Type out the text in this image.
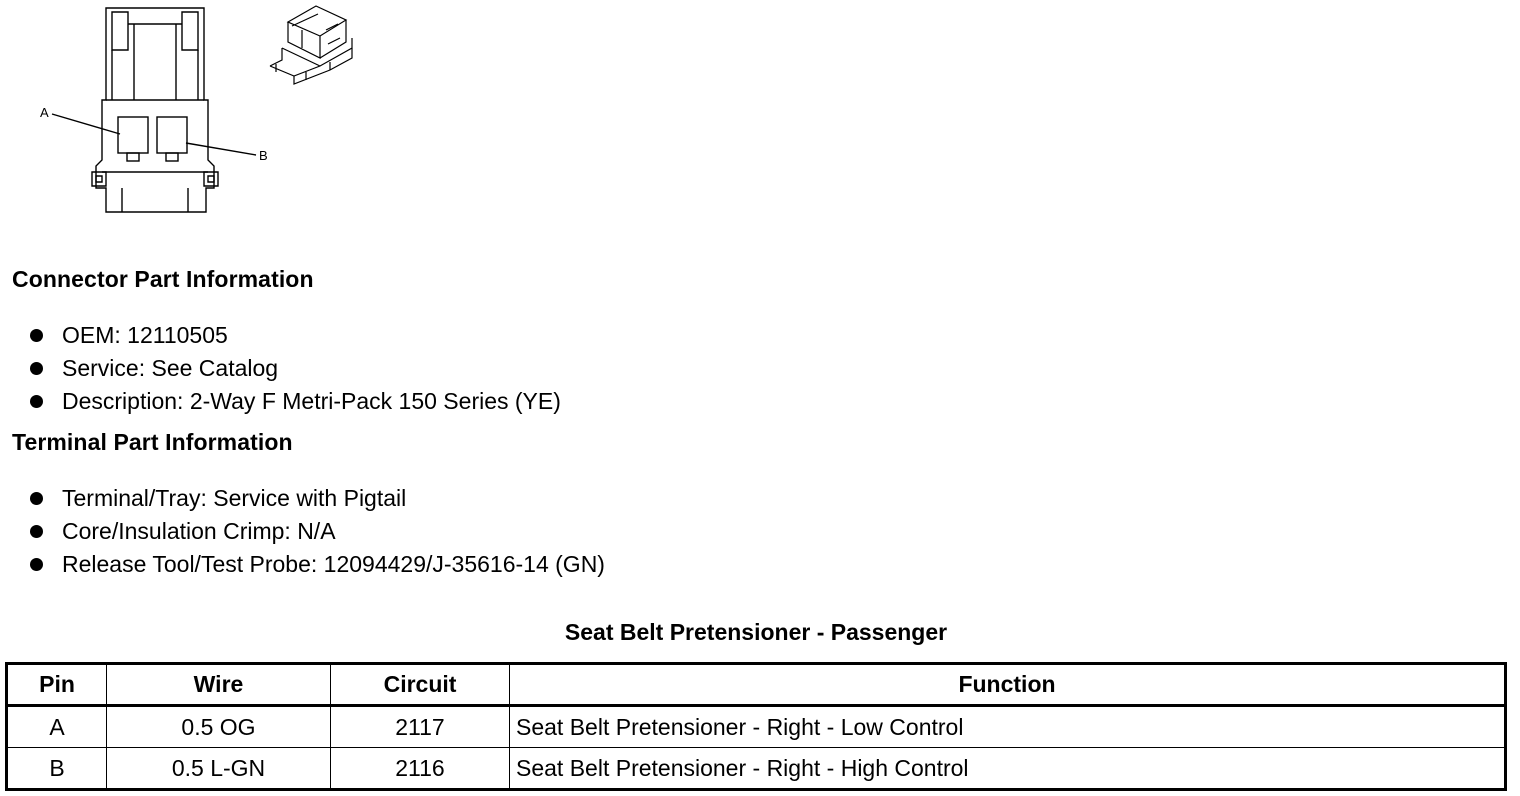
A
B
Connector Part Information
OEM: 12110505
Service: See Catalog
Description: 2-Way F Metri-Pack 150 Series (YE)
Terminal Part Information
Terminal/Tray: Service with Pigtail
Core/Insulation Crimp: N/A
Release Tool/Test Probe: 12094429/J-35616-14 (GN)
Seat Belt Pretensioner - Passenger
Pin	Wire	Circuit	Function
A	0.5 OG	2117	Seat Belt Pretensioner - Right - Low Control
B	0.5 L-GN	2116	Seat Belt Pretensioner - Right - High Control
